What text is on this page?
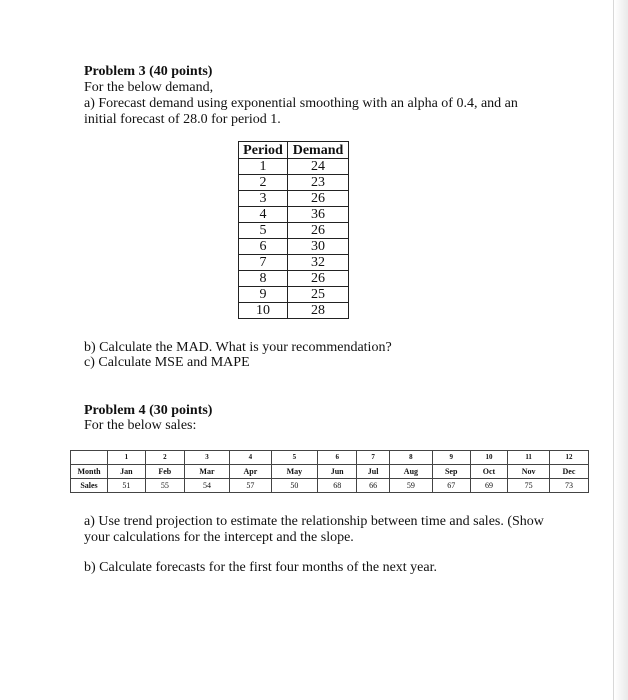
Problem 3 (40 points)
For the below demand,
a) Forecast demand using exponential smoothing with an alpha of 0.4, and an initial forecast of 28.0 for period 1.
Period	Demand
1	24
2	23
3	26
4	36
5	26
6	30
7	32
8	26
9	25
10	28
b) Calculate the MAD. What is your recommendation?
c) Calculate MSE and MAPE
Problem 4 (30 points)
For the below sales:
	1	2	3	4	5	6	7	8	9	10	11	12
Month	Jan	Feb	Mar	Apr	May	Jun	Jul	Aug	Sep	Oct	Nov	Dec
Sales	51	55	54	57	50	68	66	59	67	69	75	73
a) Use trend projection to estimate the relationship between time and sales. (Show your calculations for the intercept and the slope.
b) Calculate forecasts for the first four months of the next year.
